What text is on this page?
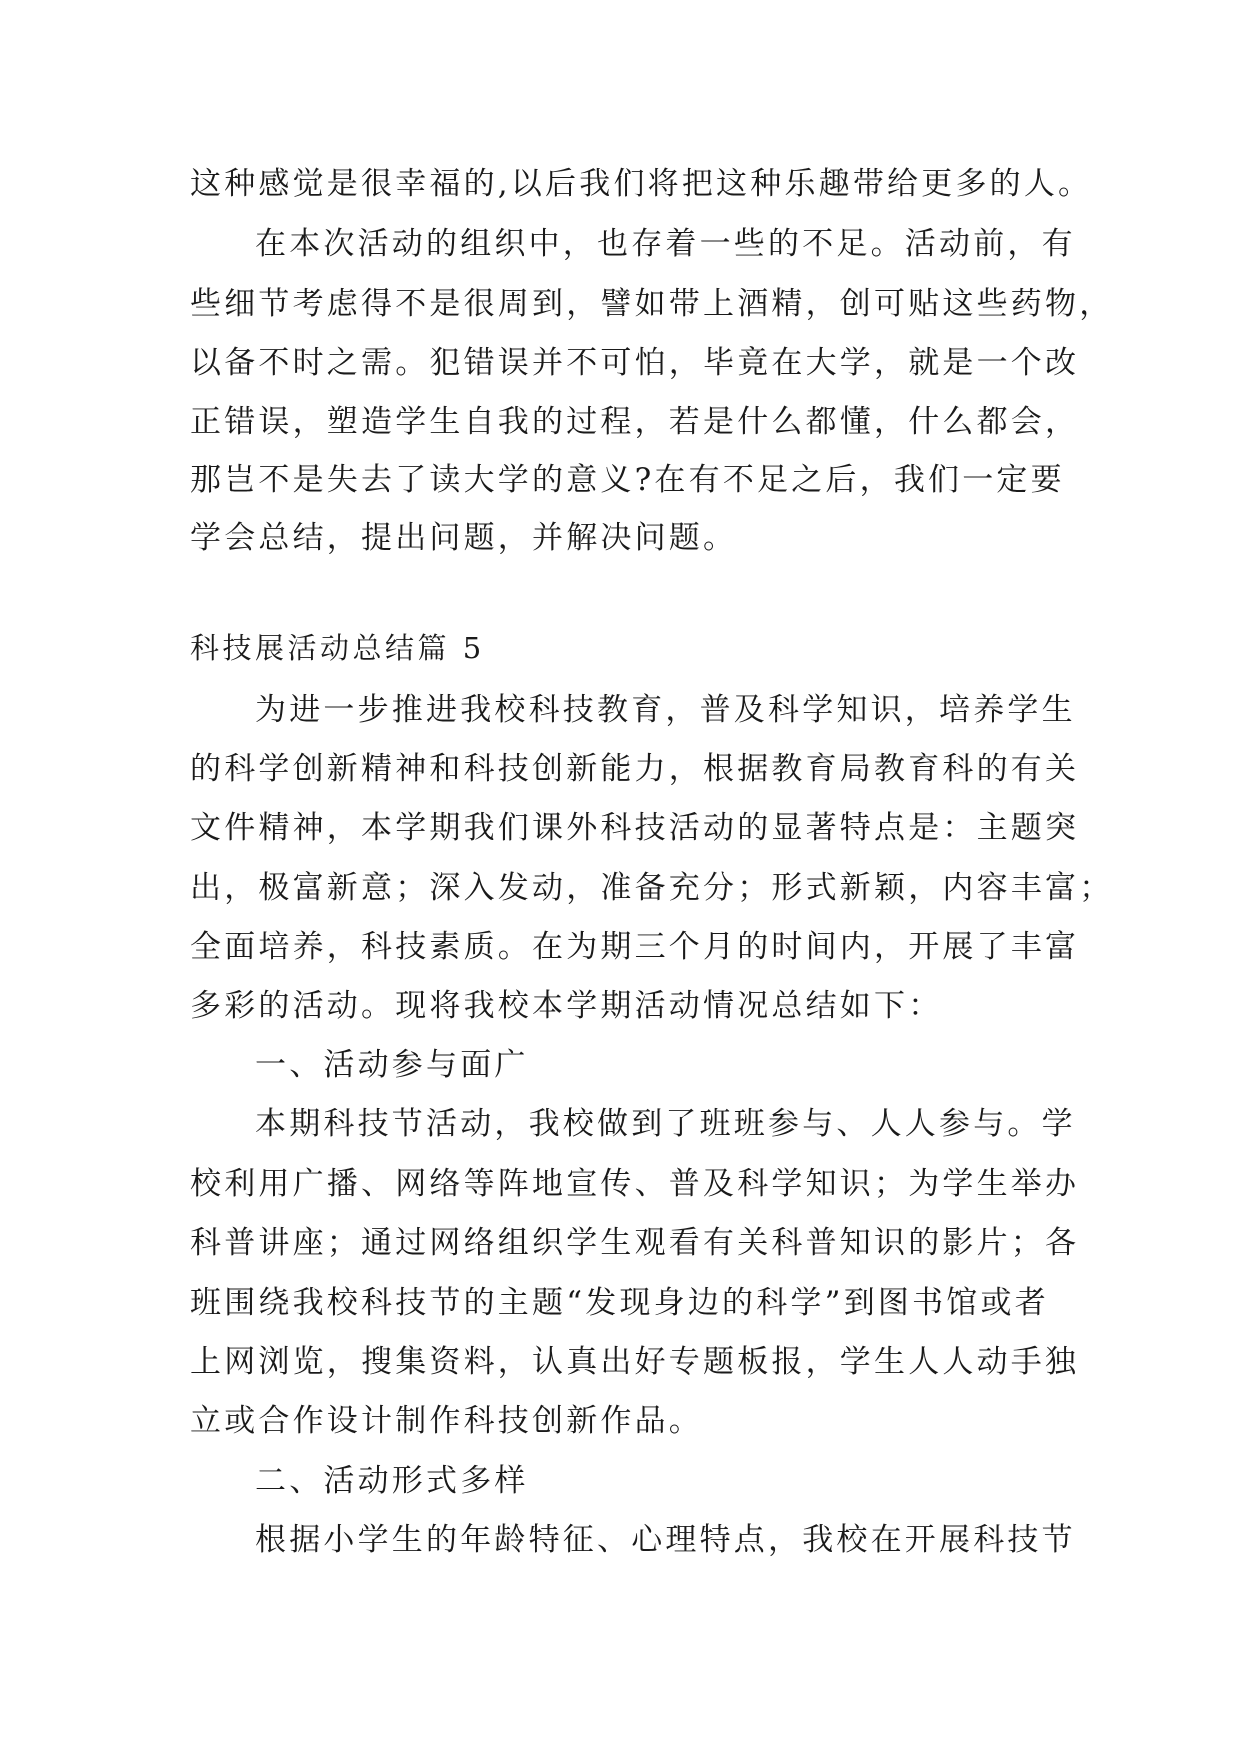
这种感觉是很幸福的,以后我们将把这种乐趣带给更多的人。

在本次活动的组织中，也存着一些的不足。活动前，有

些细节考虑得不是很周到，譬如带上酒精，创可贴这些药物，

以备不时之需。犯错误并不可怕，毕竟在大学，就是一个改

正错误，塑造学生自我的过程，若是什么都懂，什么都会，

那岂不是失去了读大学的意义?在有不足之后，我们一定要

学会总结，提出问题，并解决问题。

科技展活动总结篇 5

为进一步推进我校科技教育，普及科学知识，培养学生

的科学创新精神和科技创新能力，根据教育局教育科的有关

文件精神，本学期我们课外科技活动的显著特点是：主题突

出，极富新意；深入发动，准备充分；形式新颖，内容丰富；

全面培养，科技素质。在为期三个月的时间内，开展了丰富

多彩的活动。现将我校本学期活动情况总结如下：

一、活动参与面广

本期科技节活动，我校做到了班班参与、人人参与。学

校利用广播、网络等阵地宣传、普及科学知识；为学生举办

科普讲座；通过网络组织学生观看有关科普知识的影片；各

班围绕我校科技节的主题“发现身边的科学”到图书馆或者

上网浏览，搜集资料，认真出好专题板报，学生人人动手独

立或合作设计制作科技创新作品。

二、活动形式多样

根据小学生的年龄特征、心理特点，我校在开展科技节
